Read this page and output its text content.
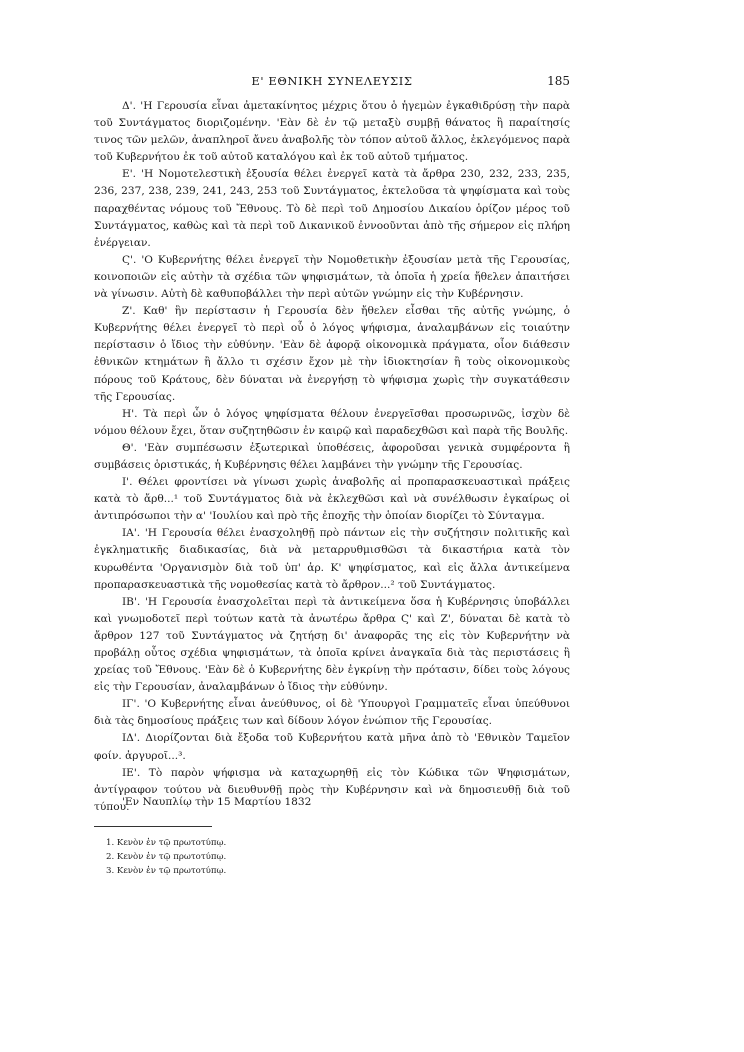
Ε' ΕΘΝΙΚΗ ΣΥΝΕΛΕΥΣΙΣ	185

Δ'. 'Η Γερουσία εἶναι ἀμετακίνητος μέχρις ὅτου ὁ ἡγεμὼν ἐγκαθιδρύσῃ τὴν παρὰ τοῦ Συντάγματος διοριζομένην. 'Εὰν δὲ ἐν τῷ μεταξὺ συμβῇ θάνατος ἢ παραίτησίς τινος τῶν μελῶν, ἀναπληροῖ ἄνευ ἀναβολῆς τὸν τόπον αὐτοῦ ἄλλος, ἐκλεγόμενος παρὰ τοῦ Κυβερνήτου ἐκ τοῦ αὐτοῦ καταλόγου καὶ ἐκ τοῦ αὐτοῦ τμήματος.

Ε'. 'Η Νομοτελεστικὴ ἐξουσία θέλει ἐνεργεῖ κατὰ τὰ ἄρθρα 230, 232, 233, 235, 236, 237, 238, 239, 241, 243, 253 τοῦ Συντάγματος, ἐκτελοῦσα τὰ ψηφίσματα καὶ τοὺς παραχθέντας νόμους τοῦ Ἔθνους. Τὸ δὲ περὶ τοῦ Δημοσίου Δικαίου ὁρίζον μέρος τοῦ Συντάγματος, καθὼς καὶ τὰ περὶ τοῦ Δικανικοῦ ἐννοοῦνται ἀπὸ τῆς σήμερον εἰς πλήρη ἐνέργειαν.

Ϛ'. 'Ο Κυβερνήτης θέλει ἐνεργεῖ τὴν Νομοθετικὴν ἐξουσίαν μετὰ τῆς Γερουσίας, κοινοποιῶν εἰς αὐτὴν τὰ σχέδια τῶν ψηφισμάτων, τὰ ὁποῖα ἡ χρεία ἤθελεν ἀπαιτήσει νὰ γίνωσιν. Αὐτὴ δὲ καθυποβάλλει τὴν περὶ αὐτῶν γνώμην εἰς τὴν Κυβέρνησιν.

Ζ'. Καθ' ἣν περίστασιν ἡ Γερουσία δὲν ἤθελεν εἶσθαι τῆς αὐτῆς γνώμης, ὁ Κυβερνήτης θέλει ἐνεργεῖ τὸ περὶ οὗ ὁ λόγος ψήφισμα, ἀναλαμβάνων εἰς τοιαύτην περίστασιν ὁ ἴδιος τὴν εὐθύνην. 'Εὰν δὲ ἀφορᾷ οἰκονομικὰ πράγματα, οἷον διάθεσιν ἐθνικῶν κτημάτων ἢ ἄλλο τι σχέσιν ἔχον μὲ τὴν ἰδιοκτησίαν ἢ τοὺς οἰκονομικοὺς πόρους τοῦ Κράτους, δὲν δύναται νὰ ἐνεργήσῃ τὸ ψήφισμα χωρὶς τὴν συγκατάθεσιν τῆς Γερουσίας.

Η'. Τὰ περὶ ὧν ὁ λόγος ψηφίσματα θέλουν ἐνεργεῖσθαι προσωρινῶς, ἰσχὺν δὲ νόμου θέλουν ἔχει, ὅταν συζητηθῶσιν ἐν καιρῷ καὶ παραδεχθῶσι καὶ παρὰ τῆς Βουλῆς.

Θ'. 'Εὰν συμπέσωσιν ἐξωτερικαὶ ὑποθέσεις, ἀφοροῦσαι γενικὰ συμφέροντα ἢ συμβάσεις ὁριστικάς, ἡ Κυβέρνησις θέλει λαμβάνει τὴν γνώμην τῆς Γερουσίας.

Ι'. Θέλει φροντίσει νὰ γίνωσι χωρὶς ἀναβολῆς αἱ προπαρασκευαστικαὶ πράξεις κατὰ τὸ ἄρθ...¹ τοῦ Συντάγματος διὰ νὰ ἐκλεχθῶσι καὶ νὰ συνέλθωσιν ἐγκαίρως οἱ ἀντιπρόσωποι τὴν α' 'Ιουλίου καὶ πρὸ τῆς ἐποχῆς τὴν ὁποίαν διορίζει τὸ Σύνταγμα.

ΙΑ'. 'Η Γερουσία θέλει ἐνασχοληθῇ πρὸ πάντων εἰς τὴν συζήτησιν πολιτικῆς καὶ ἐγκληματικῆς διαδικασίας, διὰ νὰ μεταρρυθμισθῶσι τὰ δικαστήρια κατὰ τὸν κυρωθέντα 'Οργανισμὸν διὰ τοῦ ὑπ' ἀρ. Κ' ψηφίσματος, καὶ εἰς ἄλλα ἀντικείμενα προπαρασκευαστικὰ τῆς νομοθεσίας κατὰ τὸ ἄρθρον...² τοῦ Συντάγματος.

ΙΒ'. 'Η Γερουσία ἐνασχολεῖται περὶ τὰ ἀντικείμενα ὅσα ἡ Κυβέρνησις ὑποβάλλει καὶ γνωμοδοτεῖ περὶ τούτων κατὰ τὰ ἀνωτέρω ἄρθρα Ϛ' καὶ Ζ', δύναται δὲ κατὰ τὸ ἄρθρον 127 τοῦ Συντάγματος νὰ ζητήσῃ δι' ἀναφορᾶς της εἰς τὸν Κυβερνήτην νὰ προβάλῃ οὗτος σχέδια ψηφισμάτων, τὰ ὁποῖα κρίνει ἀναγκαῖα διὰ τὰς περιστάσεις ἢ χρείας τοῦ Ἔθνους. 'Εὰν δὲ ὁ Κυβερνήτης δὲν ἐγκρίνῃ τὴν πρότασιν, δίδει τοὺς λόγους εἰς τὴν Γερουσίαν, ἀναλαμβάνων ὁ ἴδιος τὴν εὐθύνην.

ΙΓ'. 'Ο Κυβερνήτης εἶναι ἀνεύθυνος, οἱ δὲ 'Υπουργοὶ Γραμματεῖς εἶναι ὑπεύθυνοι διὰ τὰς δημοσίους πράξεις των καὶ δίδουν λόγον ἐνώπιον τῆς Γερουσίας.

ΙΔ'. Διορίζονται διὰ ἔξοδα τοῦ Κυβερνήτου κατὰ μῆνα ἀπὸ τὸ 'Εθνικὸν Ταμεῖον φοίν. ἀργυροῖ...³.

ΙΕ'. Τὸ παρὸν ψήφισμα νὰ καταχωρηθῇ εἰς τὸν Κώδικα τῶν Ψηφισμάτων, ἀντίγραφον τούτου νὰ διευθυνθῇ πρὸς τὴν Κυβέρνησιν καὶ νὰ δημοσιευθῇ διὰ τοῦ τύπου.

'Εν Ναυπλίῳ τὴν 15 Μαρτίου 1832

1. Κενὸν ἐν τῷ πρωτοτύπῳ.

2. Κενὸν ἐν τῷ πρωτοτύπῳ.

3. Κενὸν ἐν τῷ πρωτοτύπῳ.
